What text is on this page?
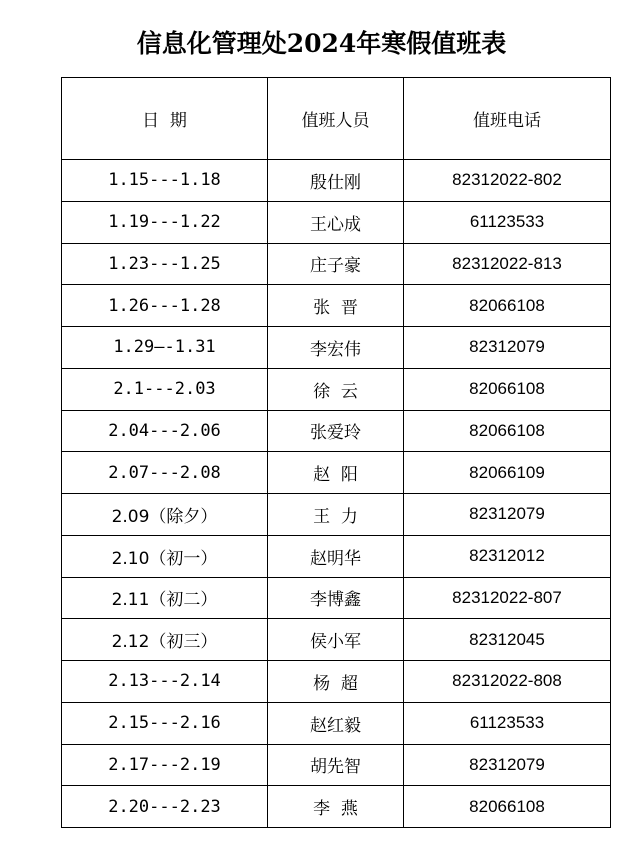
信息化管理处2024年寒假值班表
日  期	值班人员	值班电话
1.15---1.18	殷仕刚	82312022-802
1.19---1.22	王心成	61123533
1.23---1.25	庄子豪	82312022-813
1.26---1.28	张  晋	82066108
1.29—-1.31	李宏伟	82312079
2.1---2.03	徐  云	82066108
2.04---2.06	张爱玲	82066108
2.07---2.08	赵  阳	82066109
2.09（除夕）	王  力	82312079
2.10（初一）	赵明华	82312012
2.11（初二）	李博鑫	82312022-807
2.12（初三）	侯小军	82312045
2.13---2.14	杨  超	82312022-808
2.15---2.16	赵红毅	61123533
2.17---2.19	胡先智	82312079
2.20---2.23	李  燕	82066108
